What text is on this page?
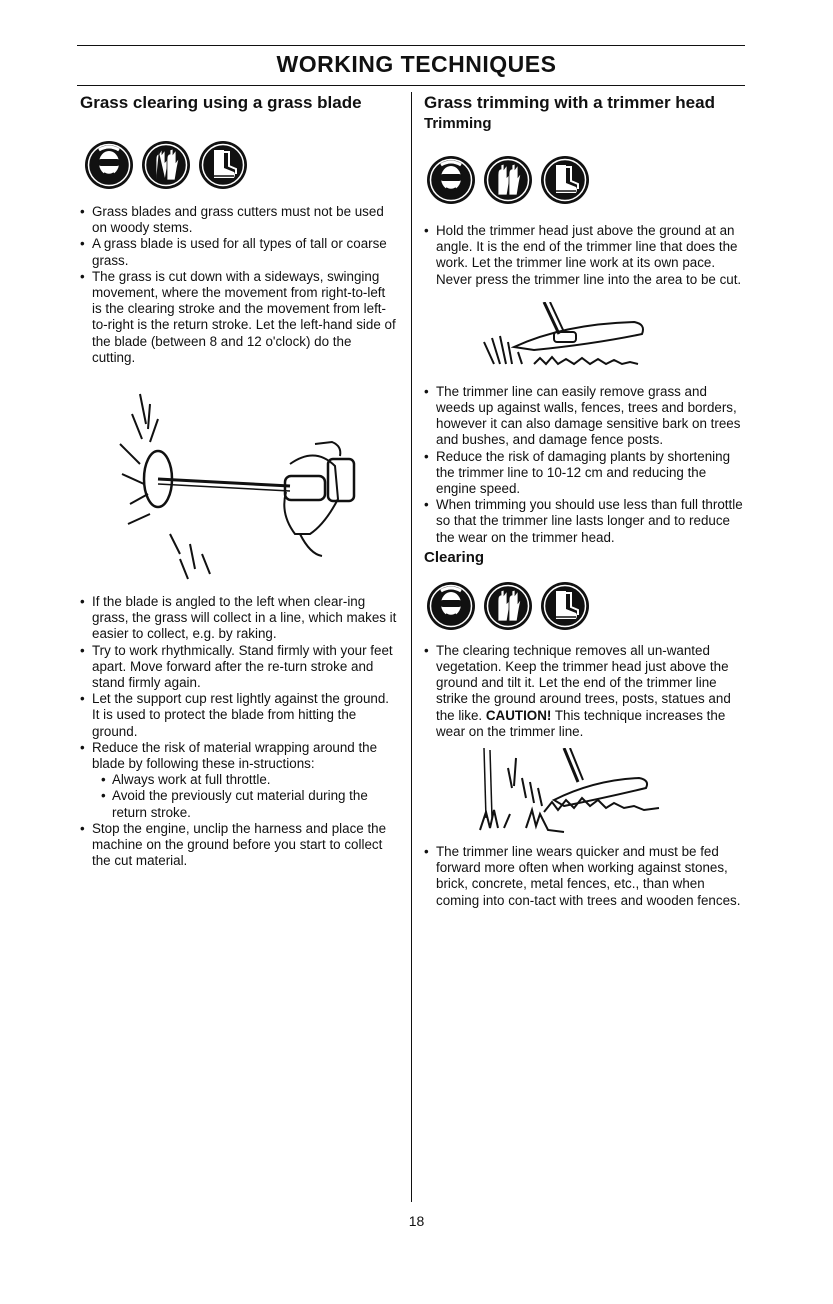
WORKING TECHNIQUES
Grass clearing using a grass blade
• Grass blades and grass cutters must not be used on woody stems.
• A grass blade is used for all types of tall or coarse grass.
• The grass is cut down with a sideways, swinging movement, where the movement from right-to-left is the clearing stroke and the movement from left-to-right is the return stroke. Let the left-hand side of the blade (between 8 and 12 o'clock) do the cutting.
• If the blade is angled to the left when clear-ing grass, the grass will collect in a line, which makes it easier to collect, e.g. by raking.
• Try to work rhythmically. Stand firmly with your feet apart. Move forward after the re-turn stroke and stand firmly again.
• Let the support cup rest lightly against the ground. It is used to protect the blade from hitting the ground.
• Reduce the risk of material wrapping around the blade by following these in-structions:
• Always work at full throttle.
• Avoid the previously cut material during the return stroke.
• Stop the engine, unclip the harness and place the machine on the ground before you start to collect the cut material.
Grass trimming with a trimmer head
Trimming
• Hold the trimmer head just above the ground at an angle. It is the end of the trimmer line that does the work. Let the trimmer line work at its own pace. Never press the trimmer line into the area to be cut.
• The trimmer line can easily remove grass and weeds up against walls, fences, trees and borders, however it can also damage sensitive bark on trees and bushes, and damage fence posts.
• Reduce the risk of damaging plants by shortening the trimmer line to 10-12 cm and reducing the engine speed.
• When trimming you should use less than full throttle so that the trimmer line lasts longer and to reduce the wear on the trimmer head.
Clearing
• The clearing technique removes all un-wanted vegetation. Keep the trimmer head just above the ground and tilt it. Let the end of the trimmer line strike the ground around trees, posts, statues and the like. CAUTION! This technique increases the wear on the trimmer line.
• The trimmer line wears quicker and must be fed forward more often when working against stones, brick, concrete, metal fences, etc., than when coming into con-tact with trees and wooden fences.
18
